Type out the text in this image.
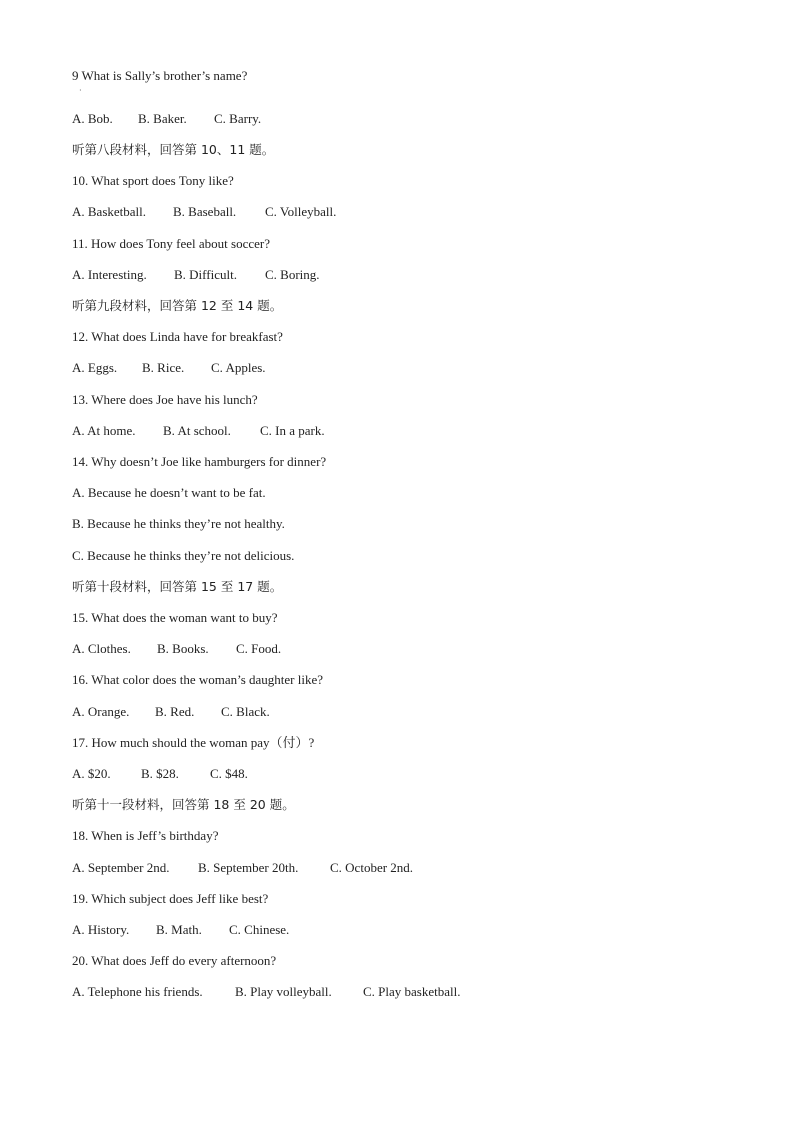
9 What is Sally’s brother’s name?
·
A. Bob. B. Baker. C. Barry.
听第八段材料，回答第 10、11 题。
10. What sport does Tony like?
A. Basketball. B. Baseball. C. Volleyball.
11. How does Tony feel about soccer?
A. Interesting. B. Difficult. C. Boring.
听第九段材料，回答第 12 至 14 题。
12. What does Linda have for breakfast?
A. Eggs. B. Rice. C. Apples.
13. Where does Joe have his lunch?
A. At home. B. At school. C. In a park.
14. Why doesn’t Joe like hamburgers for dinner?
A. Because he doesn’t want to be fat.
B. Because he thinks they’re not healthy.
C. Because he thinks they’re not delicious.
听第十段材料，回答第 15 至 17 题。
15. What does the woman want to buy?
A. Clothes. B. Books. C. Food.
16. What color does the woman’s daughter like?
A. Orange. B. Red. C. Black.
17. How much should the woman pay（付）?
A. $20. B. $28. C. $48.
听第十一段材料，回答第 18 至 20 题。
18. When is Jeff’s birthday?
A. September 2nd. B. September 20th. C. October 2nd.
19. Which subject does Jeff like best?
A. History. B. Math. C. Chinese.
20. What does Jeff do every afternoon?
A. Telephone his friends. B. Play volleyball. C. Play basketball.
